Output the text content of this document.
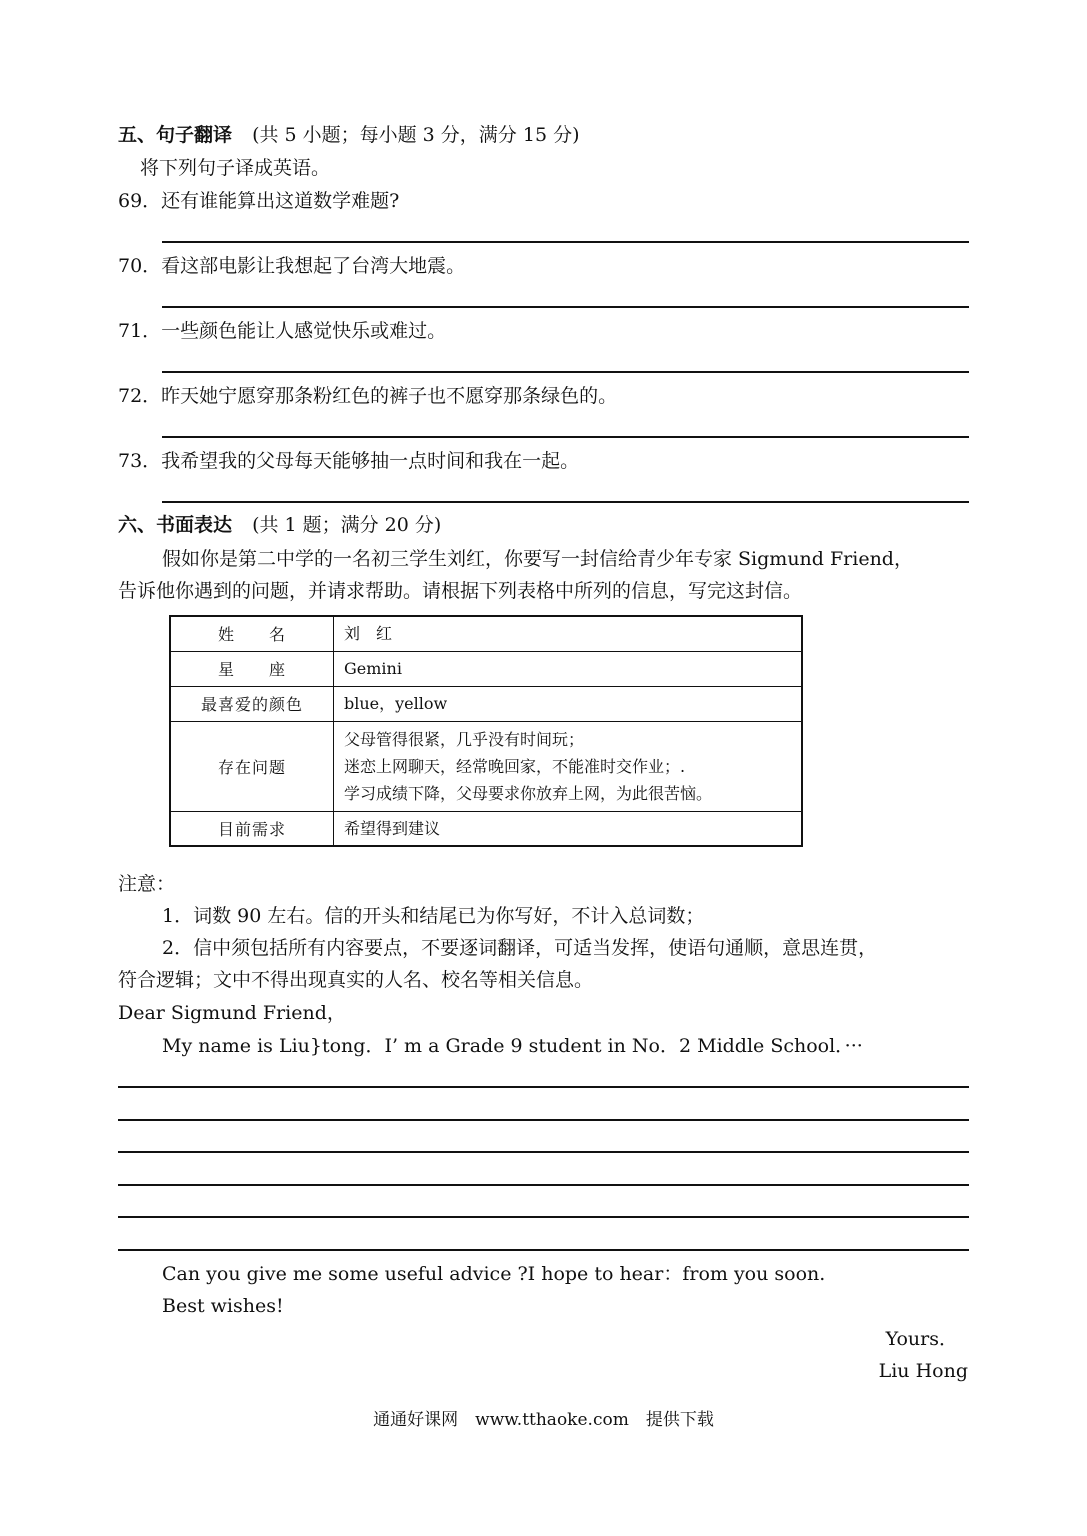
五、句子翻译 (共 5 小题；每小题 3 分，满分 15 分)
将下列句子译成英语。
69．还有谁能算出这道数学难题?
70．看这部电影让我想起了台湾大地震。
71．一些颜色能让人感觉快乐或难过。
72．昨天她宁愿穿那条粉红色的裤子也不愿穿那条绿色的。
73．我希望我的父母每天能够抽一点时间和我在一起。
六、书面表达 (共 1 题；满分 20 分)
假如你是第二中学的一名初三学生刘红，你要写一封信给青少年专家 Sigmund Friend，
告诉他你遇到的问题，并请求帮助。请根据下列表格中所列的信息，写完这封信。
姓　　名	刘　红
星　　座	Gemini
最喜爱的颜色	blue，yellow
存在问题	父母管得很紧，几乎没有时间玩；
迷恋上网聊天，经常晚回家，不能准时交作业；.
学习成绩下降，父母要求你放弃上网，为此很苦恼。

目前需求	希望得到建议
注意：
1．词数 90 左右。信的开头和结尾已为你写好，不计入总词数；
2．信中须包括所有内容要点，不要逐词翻译，可适当发挥，使语句通顺，意思连贯，
符合逻辑；文中不得出现真实的人名、校名等相关信息。
Dear Sigmund Friend，
My name is Liu}tong．I’ m a Grade 9 student in No．2 Middle School．···
Can you give me some useful advice ?I hope to hear：from you soon.
Best wishes!
Yours．
Liu Hong
通通好课网　www.tthaoke.com　提供下载
